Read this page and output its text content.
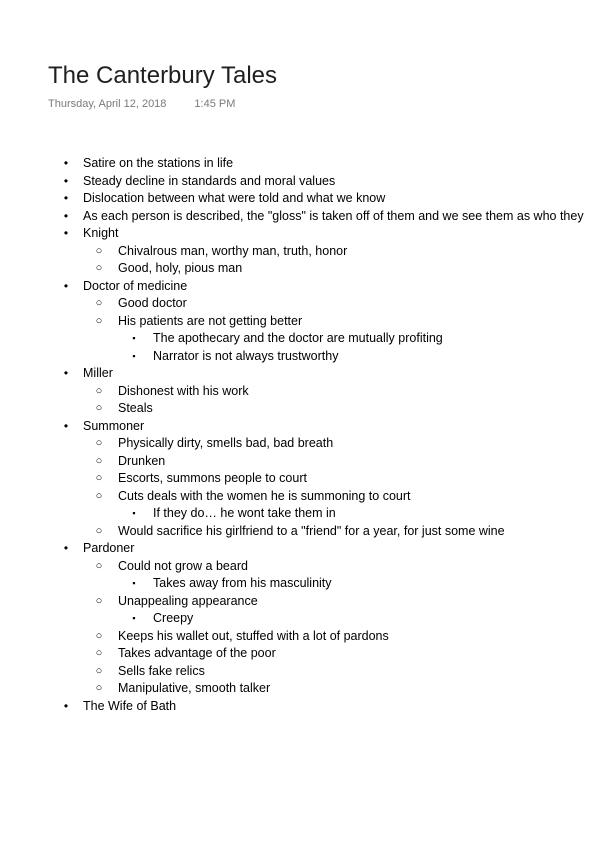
The Canterbury Tales
Thursday, April 12, 2018	1:45 PM
• Satire on the stations in life
• Steady decline in standards and moral values
• Dislocation between what were told and what we know
• As each person is described, the "gloss" is taken off of them and we see them as who they
• Knight
○ Chivalrous man, worthy man, truth, honor
○ Good, holy, pious man
• Doctor of medicine
○ Good doctor
○ His patients are not getting better
▪ The apothecary and the doctor are mutually profiting
▪ Narrator is not always trustworthy
• Miller
○ Dishonest with his work
○ Steals
• Summoner
○ Physically dirty, smells bad, bad breath
○ Drunken
○ Escorts, summons people to court
○ Cuts deals with the women he is summoning to court
▪ If they do… he wont take them in
○ Would sacrifice his girlfriend to a "friend" for a year, for just some wine
• Pardoner
○ Could not grow a beard
▪ Takes away from his masculinity
○ Unappealing appearance
▪ Creepy
○ Keeps his wallet out, stuffed with a lot of pardons
○ Takes advantage of the poor
○ Sells fake relics
○ Manipulative, smooth talker
• The Wife of Bath
